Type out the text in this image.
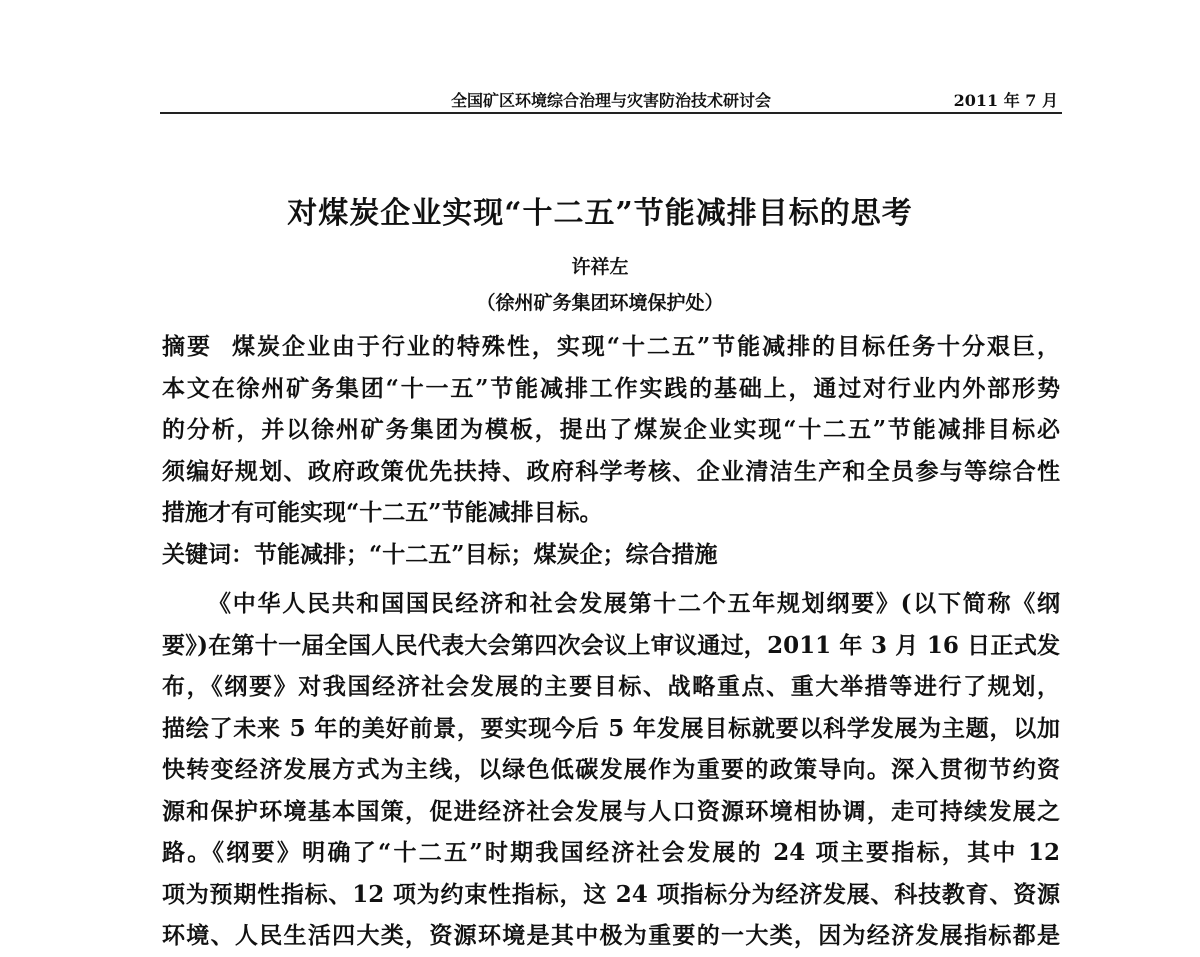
全国矿区环境综合治理与灾害防治技术研讨会	2011 年 7 月
对煤炭企业实现“十二五”节能减排目标的思考
许祥左
（徐州矿务集团环境保护处）
摘要 煤炭企业由于行业的特殊性，实现“十二五”节能减排的目标任务十分艰巨，
本文在徐州矿务集团“十一五”节能减排工作实践的基础上，通过对行业内外部形势
的分析，并以徐州矿务集团为模板，提出了煤炭企业实现“十二五”节能减排目标必
须编好规划、政府政策优先扶持、政府科学考核、企业清洁生产和全员参与等综合性
措施才有可能实现“十二五”节能减排目标。
关键词：节能减排；“十二五”目标；煤炭企；综合措施
《中华人民共和国国民经济和社会发展第十二个五年规划纲要》(以下简称《纲
要》)在第十一届全国人民代表大会第四次会议上审议通过，2011 年 3 月 16 日正式发
布，《纲要》对我国经济社会发展的主要目标、战略重点、重大举措等进行了规划，
描绘了未来 5 年的美好前景，要实现今后 5 年发展目标就要以科学发展为主题，以加
快转变经济发展方式为主线，以绿色低碳发展作为重要的政策导向。深入贯彻节约资
源和保护环境基本国策，促进经济社会发展与人口资源环境相协调，走可持续发展之
路。《纲要》明确了“十二五”时期我国经济社会发展的 24 项主要指标，其中 12
项为预期性指标、12 项为约束性指标，这 24 项指标分为经济发展、科技教育、资源
环境、人民生活四大类，资源环境是其中极为重要的一大类，因为经济发展指标都是
